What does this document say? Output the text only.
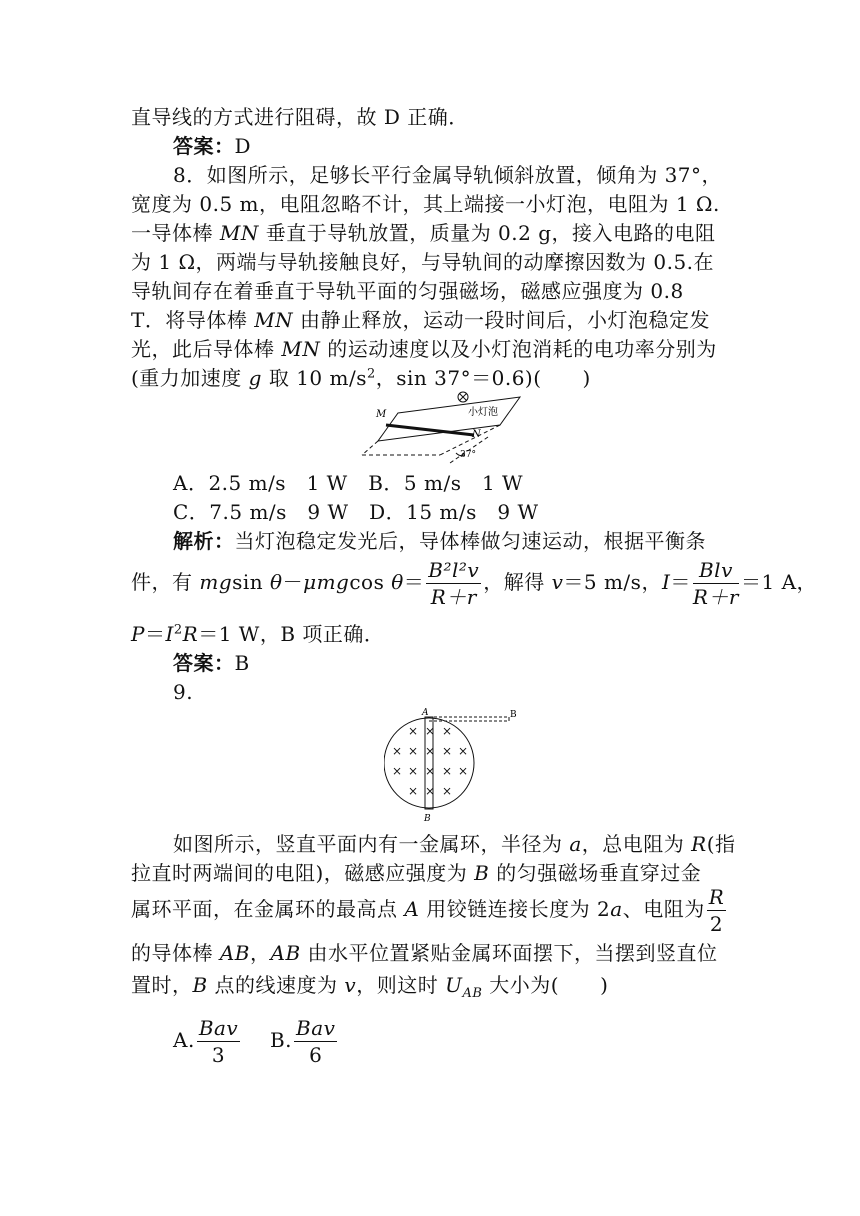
直导线的方式进行阻碍，故 D 正确．
答案：D
8．如图所示，足够长平行金属导轨倾斜放置，倾角为 37°，
宽度为 0.5 m，电阻忽略不计，其上端接一小灯泡，电阻为 1 Ω.
一导体棒 MN 垂直于导轨放置，质量为 0.2 g，接入电路的电阻
为 1 Ω，两端与导轨接触良好，与导轨间的动摩擦因数为 0.5.在
导轨间存在着垂直于导轨平面的匀强磁场，磁感应强度为 0.8
T．将导体棒 MN 由静止释放，运动一段时间后，小灯泡稳定发
光，此后导体棒 MN 的运动速度以及小灯泡消耗的电功率分别为
(重力加速度 g 取 10 $m/s^2$，sin 37°＝0.6)(　　)
M
N
小灯泡
37°
A．2.5 m/s　1 W　 B．5 m/s　1 W
C．7.5 m/s　9 W　 D．15 m/s　9 W
解析：当灯泡稳定发光后，导体棒做匀速运动，根据平衡条
件，有 mgsin θ－μmgcos $\theta= \frac{\text{B²l²v}}{R+r}$ ，解得 v＝5 m/s，$I= \frac{\text{Blv}}{R+r} =1$ A，
$P=I^2R=1$ W，B 项正确．
答案：B
9.
× ×
×
× × × ×
×
× × × ×
×
× ×
×
A	B
B
如图所示，竖直平面内有一金属环，半径为 a，总电阻为 R(指
拉直时两端间的电阻)，磁感应强度为 B 的匀强磁场垂直穿过金
属环平面，在金属环的最高点 A 用铰链连接长度为 2a、电阻为 $\frac{R}{2}$
的导体棒 AB，AB 由水平位置紧贴金属环面摆下，当摆到竖直位
置时，B 点的线速度为 v，则这时 $U_{AB}$ 大小为(　　)
A. $\frac{\text{Bav}}{3} B$. $\frac{\text{Bav}}{6}$
